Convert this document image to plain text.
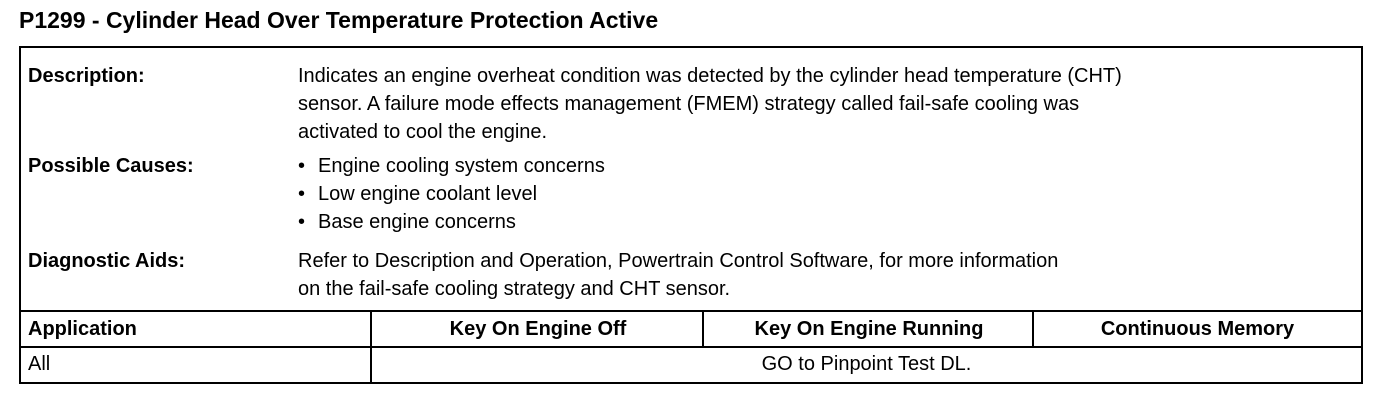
P1299 - Cylinder Head Over Temperature Protection Active
Description:	Indicates an engine overheat condition was detected by the cylinder head temperature (CHT)

sensor. A failure mode effects management (FMEM) strategy called fail-safe cooling was

activated to cool the engine.

Possible Causes:	• Engine cooling system concerns
• Low engine coolant level
• Base engine concerns
Diagnostic Aids:	Refer to Description and Operation, Powertrain Control Software, for more information

on the fail-safe cooling strategy and CHT sensor.

Application	Key On Engine Off	Key On Engine Running	Continuous Memory
All	GO to Pinpoint Test DL.
